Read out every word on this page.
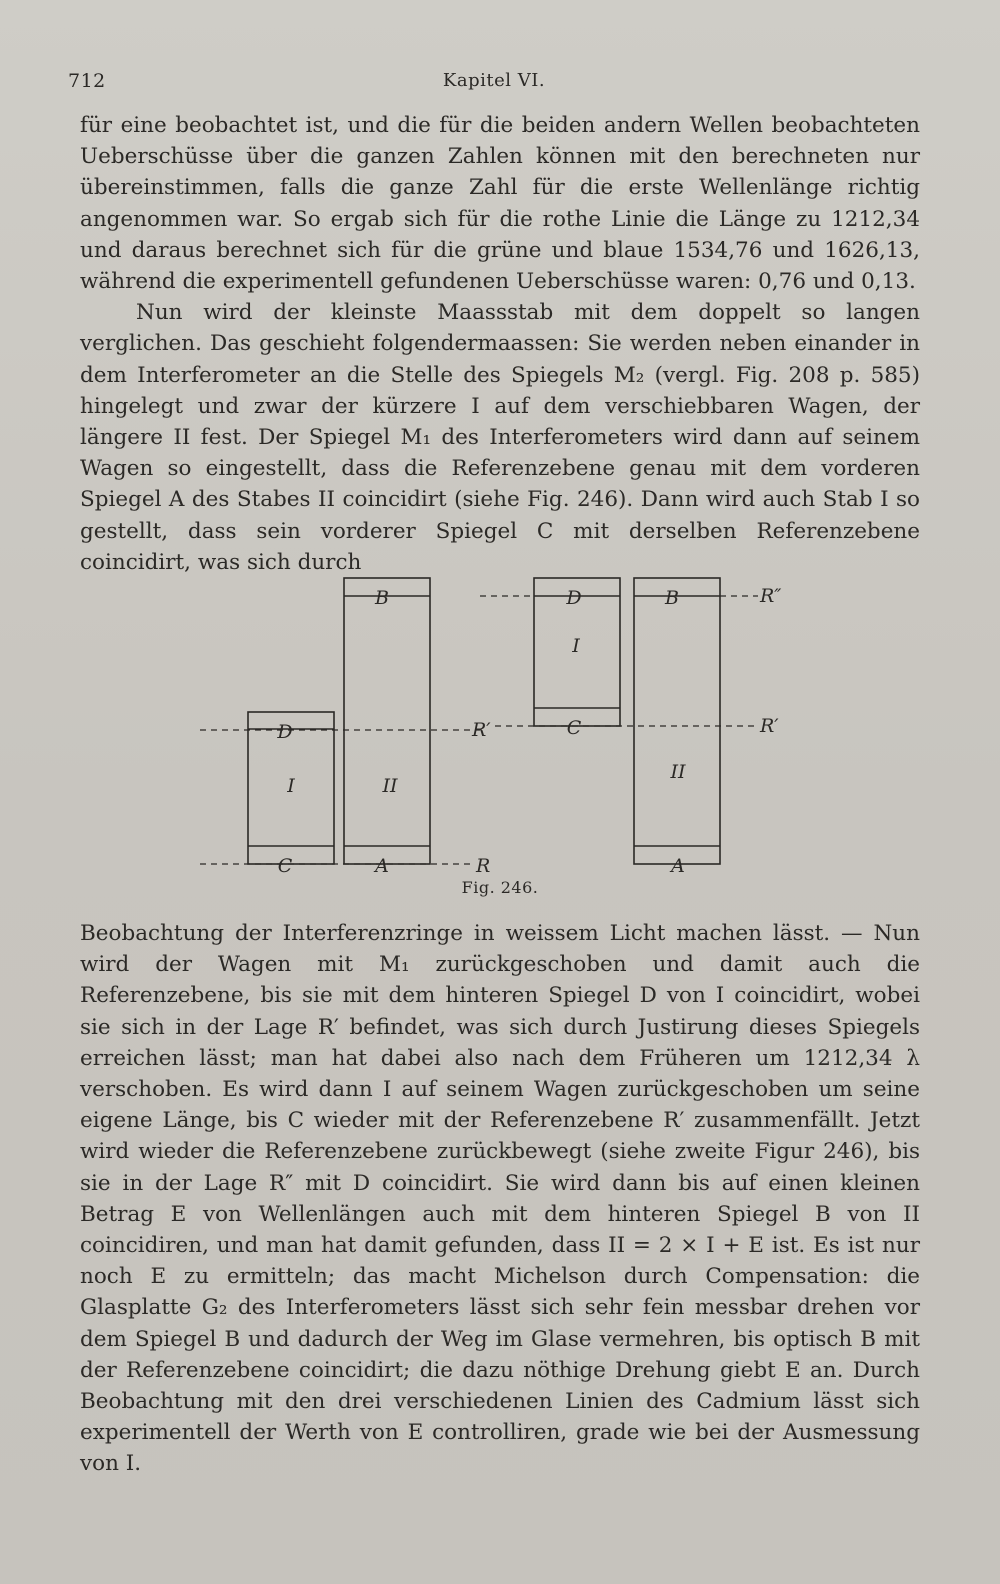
712	Kapitel VI.

für eine beobachtet ist, und die für die beiden andern Wellen beobachteten Ueberschüsse über die ganzen Zahlen können mit den berechneten nur übereinstimmen, falls die ganze Zahl für die erste Wellenlänge richtig angenommen war. So ergab sich für die rothe Linie die Länge zu 1212,34 und daraus berechnet sich für die grüne und blaue 1534,76 und 1626,13, während die experimentell gefundenen Ueberschüsse waren: 0,76 und 0,13.

Nun wird der kleinste Maassstab mit dem doppelt so langen verglichen. Das geschieht folgendermaassen: Sie werden neben einander in dem Interferometer an die Stelle des Spiegels M₂ (vergl. Fig. 208 p. 585) hingelegt und zwar der kürzere I auf dem verschiebbaren Wagen, der längere II fest. Der Spiegel M₁ des Interferometers wird dann auf seinem Wagen so eingestellt, dass die Referenzebene genau mit dem vorderen Spiegel A des Stabes II coincidirt (siehe Fig. 246). Dann wird auch Stab I so gestellt, dass sein vorderer Spiegel C mit derselben Referenzebene coincidirt, was sich durch

D
I
C
B
II
A	R
R′
D
I
C
B
II
A
R″
R′
Fig. 246.

Beobachtung der Interferenzringe in weissem Licht machen lässt. — Nun wird der Wagen mit M₁ zurückgeschoben und damit auch die Referenzebene, bis sie mit dem hinteren Spiegel D von I coincidirt, wobei sie sich in der Lage R′ befindet, was sich durch Justirung dieses Spiegels erreichen lässt; man hat dabei also nach dem Früheren um 1212,34 λ verschoben. Es wird dann I auf seinem Wagen zurückgeschoben um seine eigene Länge, bis C wieder mit der Referenzebene R′ zusammenfällt. Jetzt wird wieder die Referenzebene zurückbewegt (siehe zweite Figur 246), bis sie in der Lage R″ mit D coincidirt. Sie wird dann bis auf einen kleinen Betrag E von Wellenlängen auch mit dem hinteren Spiegel B von II coincidiren, und man hat damit gefunden, dass II = 2 × I + E ist. Es ist nur noch E zu ermitteln; das macht Michelson durch Compensation: die Glasplatte G₂ des Interferometers lässt sich sehr fein messbar drehen vor dem Spiegel B und dadurch der Weg im Glase vermehren, bis optisch B mit der Referenzebene coincidirt; die dazu nöthige Drehung giebt E an. Durch Beobachtung mit den drei verschiedenen Linien des Cadmium lässt sich experimentell der Werth von E controlliren, grade wie bei der Ausmessung von I.
